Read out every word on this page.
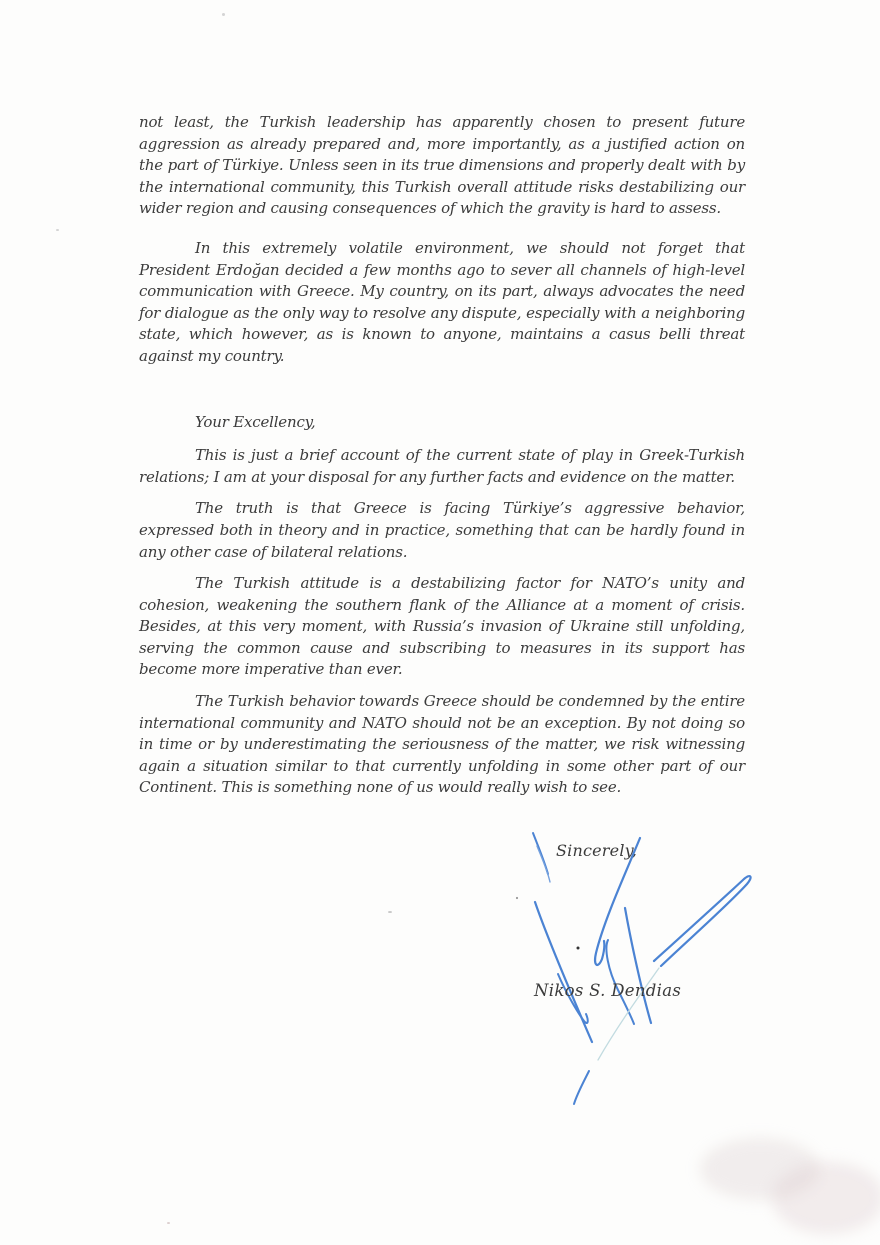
not least, the Turkish leadership has apparently chosen to present future aggression as already prepared and, more importantly, as a justified action on the part of Türkiye. Unless seen in its true dimensions and properly dealt with by the international community, this Turkish overall attitude risks destabilizing our wider region and causing consequences of which the gravity is hard to assess.

In this extremely volatile environment, we should not forget that President Erdoğan decided a few months ago to sever all channels of high-level communication with Greece. My country, on its part, always advocates the need for dialogue as the only way to resolve any dispute, especially with a neighboring state, which however, as is known to anyone, maintains a casus belli threat against my country.

Your Excellency,

This is just a brief account of the current state of play in Greek-Turkish relations; I am at your disposal for any further facts and evidence on the matter.

The truth is that Greece is facing Türkiye’s aggressive behavior, expressed both in theory and in practice, something that can be hardly found in any other case of bilateral relations.

The Turkish attitude is a destabilizing factor for NATO’s unity and cohesion, weakening the southern flank of the Alliance at a moment of crisis. Besides, at this very moment, with Russia’s invasion of Ukraine still unfolding, serving the common cause and subscribing to measures in its support has become more imperative than ever.

The Turkish behavior towards Greece should be condemned by the entire international community and NATO should not be an exception. By not doing so in time or by underestimating the seriousness of the matter, we risk witnessing again a situation similar to that currently unfolding in some other part of our Continent. This is something none of us would really wish to see.

Sincerely,
Nikos S. Dendias
